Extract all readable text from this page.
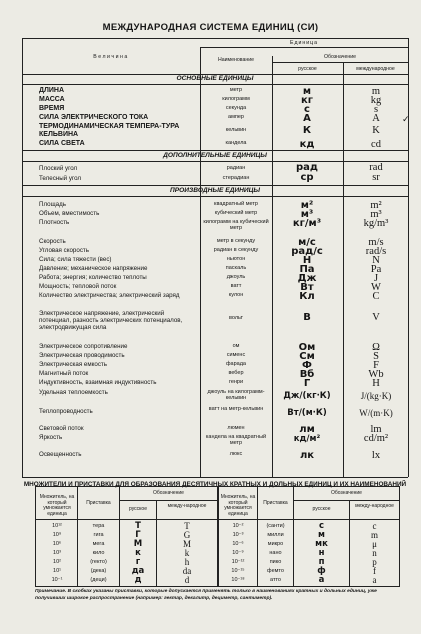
МЕЖДУНАРОДНАЯ СИСТЕМА ЕДИНИЦ (СИ)
Величина
Единица
Наименование	Обозначение
русское	международное
ОСНОВНЫЕ ЕДИНИЦЫ
ДЛИНА	метр	м	m
МАССА	килограмм	кг	kg
ВРЕМЯ	секунда	с	s
СИЛА ЭЛЕКТРИЧЕСКОГО ТОКА	ампер	А	A
ТЕРМОДИНАМИЧЕСКАЯ ТЕМПЕРА-ТУРА КЕЛЬВИНА
кельвин	К	K
СИЛА СВЕТА	кандела	кд	cd
✓
ДОПОЛНИТЕЛЬНЫЕ ЕДИНИЦЫ
Плоский угол	радиан	рад	rad
Телесный угол	стерадиан	ср	sr
ПРОИЗВОДНЫЕ ЕДИНИЦЫ
Площадь	квадратный метр	м²	m²
Объем, вместимость	кубический метр	м³	m³
Плотность	килограмм на кубический метр	кг/м³	kg/m³
Скорость	метр в секунду	м/с	m/s
Угловая скорость	радиан в секунду	рад/с	rad/s
Сила; сила тяжести (вес)	ньютон	Н	N
Давление; механическое напряжение	паскаль	Па	Pa
Работа; энергия; количество теплоты	джоуль	Дж	J
Мощность; тепловой поток	ватт	Вт	W
Количество электричества; электрический заряд	кулон	Кл	C
Электрическое напряжение, электрический потенциал, разность электрических потенциалов, электродвижущая сила
вольт	В	V
Электрическое сопротивление	ом	Ом	Ω
Электрическая проводимость	сименс	См	S
Электрическая емкость	фарада	Ф	F
Магнитный поток	вебер	Вб	Wb
Индуктивность, взаимная индуктивность	генри	Г	H
Удельная теплоемкость	джоуль на килограмм-кельвин	Дж/(кг·К)	J/(kg·K)
Теплопроводность	ватт на метр-кельвин	Вт/(м·К)	W/(m·K)
Световой поток	люмен	лм	lm
Яркость	кандела на квадратный метр	кд/м²	cd/m²
Освещенность	люкс	лк	lx
МНОЖИТЕЛИ И ПРИСТАВКИ ДЛЯ ОБРАЗОВАНИЯ ДЕСЯТИЧНЫХ КРАТНЫХ И ДОЛЬНЫХ ЕДИНИЦ И ИХ НАИМЕНОВАНИЙ
Множитель, на который умножается единица
Приставка
Обозначение
русское	между-народное
Множитель, на который умножается единица
Приставка
Обозначение
русское	между-народное
10¹²	тера	Т	T
10⁹	гига	Г	G
10⁶	мега	М	M
10³	кило	к	k
10²	(гекто)	г	h
10¹	(дека)	да	da
10⁻¹	(деци)	д	d
10⁻²	(санти)	с	c
10⁻³	милли	м	m
10⁻⁶	микро	мк	μ
10⁻⁹	нано	н	n
10⁻¹²	пико	п	p
10⁻¹⁵	фемто	ф	f
10⁻¹⁸	атто	а	a
Примечание. В скобках указаны приставки, которые допускается применять только в наименованиях кратных и дольных единиц, уже получивших широкое распространение (например: гектар, декалитр, дециметр, сантиметр).
